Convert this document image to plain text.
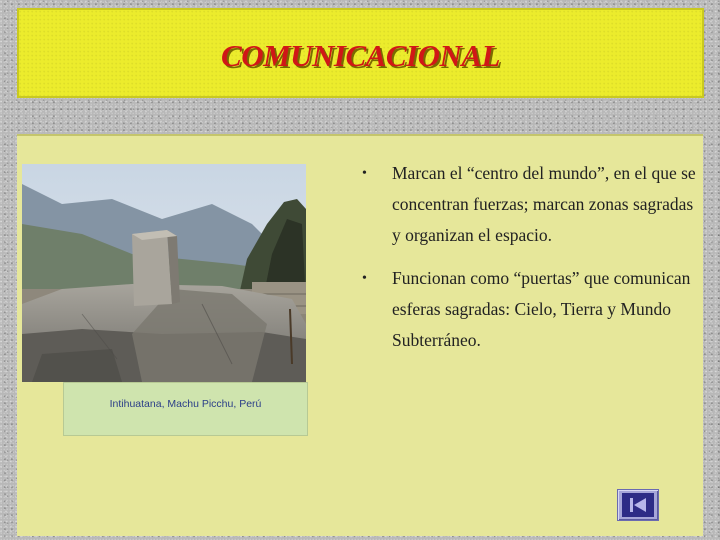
COMUNICACIONAL
Intihuatana, Machu Picchu, Perú
• Marcan el “centro del mundo”, en el que se concentran fuerzas; marcan zonas sagradas y organizan el espacio.
• Funcionan como “puertas” que comunican esferas sagradas: Cielo, Tierra y Mundo Subterráneo.
